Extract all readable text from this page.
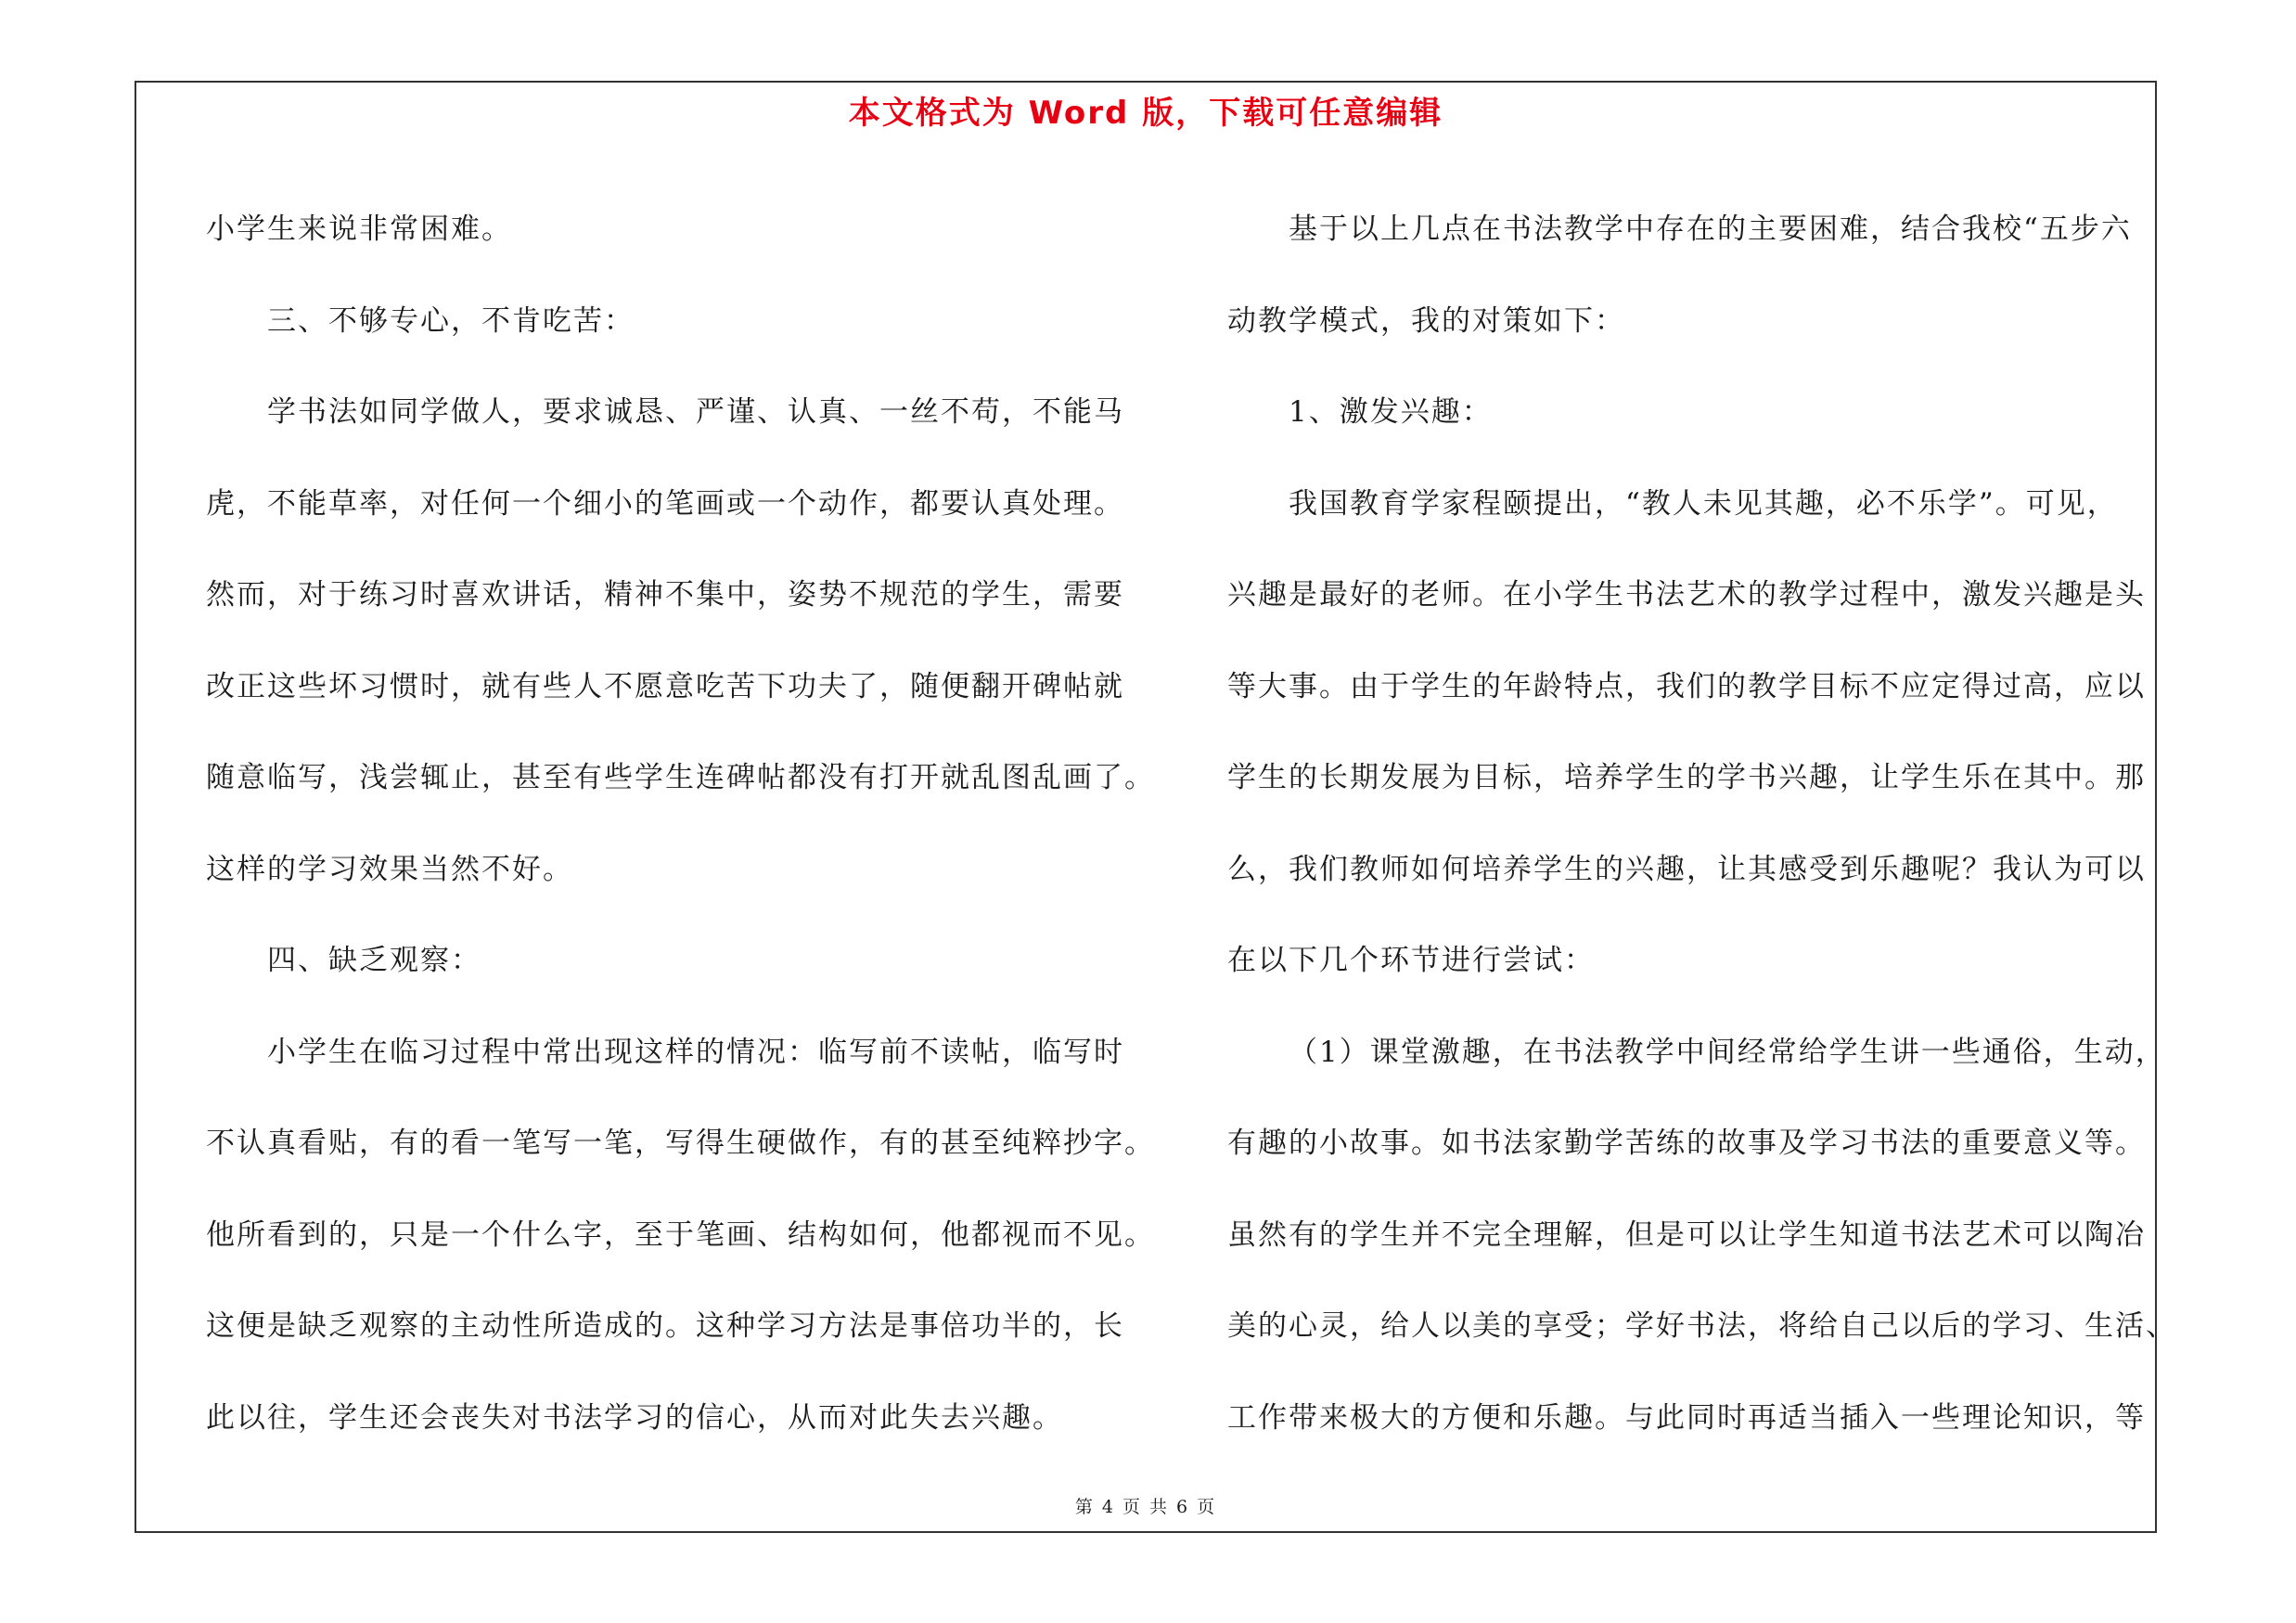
本文格式为 Word 版，下载可任意编辑
小学生来说非常困难。
三、不够专心，不肯吃苦：
学书法如同学做人，要求诚恳、严谨、认真、一丝不苟，不能马
虎，不能草率，对任何一个细小的笔画或一个动作，都要认真处理。
然而，对于练习时喜欢讲话，精神不集中，姿势不规范的学生，需要
改正这些坏习惯时，就有些人不愿意吃苦下功夫了，随便翻开碑帖就
随意临写，浅尝辄止，甚至有些学生连碑帖都没有打开就乱图乱画了。
这样的学习效果当然不好。
四、缺乏观察：
小学生在临习过程中常出现这样的情况：临写前不读帖，临写时
不认真看贴，有的看一笔写一笔，写得生硬做作，有的甚至纯粹抄字。
他所看到的，只是一个什么字，至于笔画、结构如何，他都视而不见。
这便是缺乏观察的主动性所造成的。这种学习方法是事倍功半的，长
此以往，学生还会丧失对书法学习的信心，从而对此失去兴趣。
基于以上几点在书法教学中存在的主要困难，结合我校“五步六
动教学模式，我的对策如下：
1、激发兴趣：
我国教育学家程颐提出，“教人未见其趣，必不乐学”。可见，
兴趣是最好的老师。在小学生书法艺术的教学过程中，激发兴趣是头
等大事。由于学生的年龄特点，我们的教学目标不应定得过高，应以
学生的长期发展为目标，培养学生的学书兴趣，让学生乐在其中。那
么，我们教师如何培养学生的兴趣，让其感受到乐趣呢？我认为可以
在以下几个环节进行尝试：
（1）课堂激趣，在书法教学中间经常给学生讲一些通俗，生动，
有趣的小故事。如书法家勤学苦练的故事及学习书法的重要意义等。
虽然有的学生并不完全理解，但是可以让学生知道书法艺术可以陶冶
美的心灵，给人以美的享受；学好书法，将给自己以后的学习、生活、
工作带来极大的方便和乐趣。与此同时再适当插入一些理论知识，等
第 4 页 共 6 页
